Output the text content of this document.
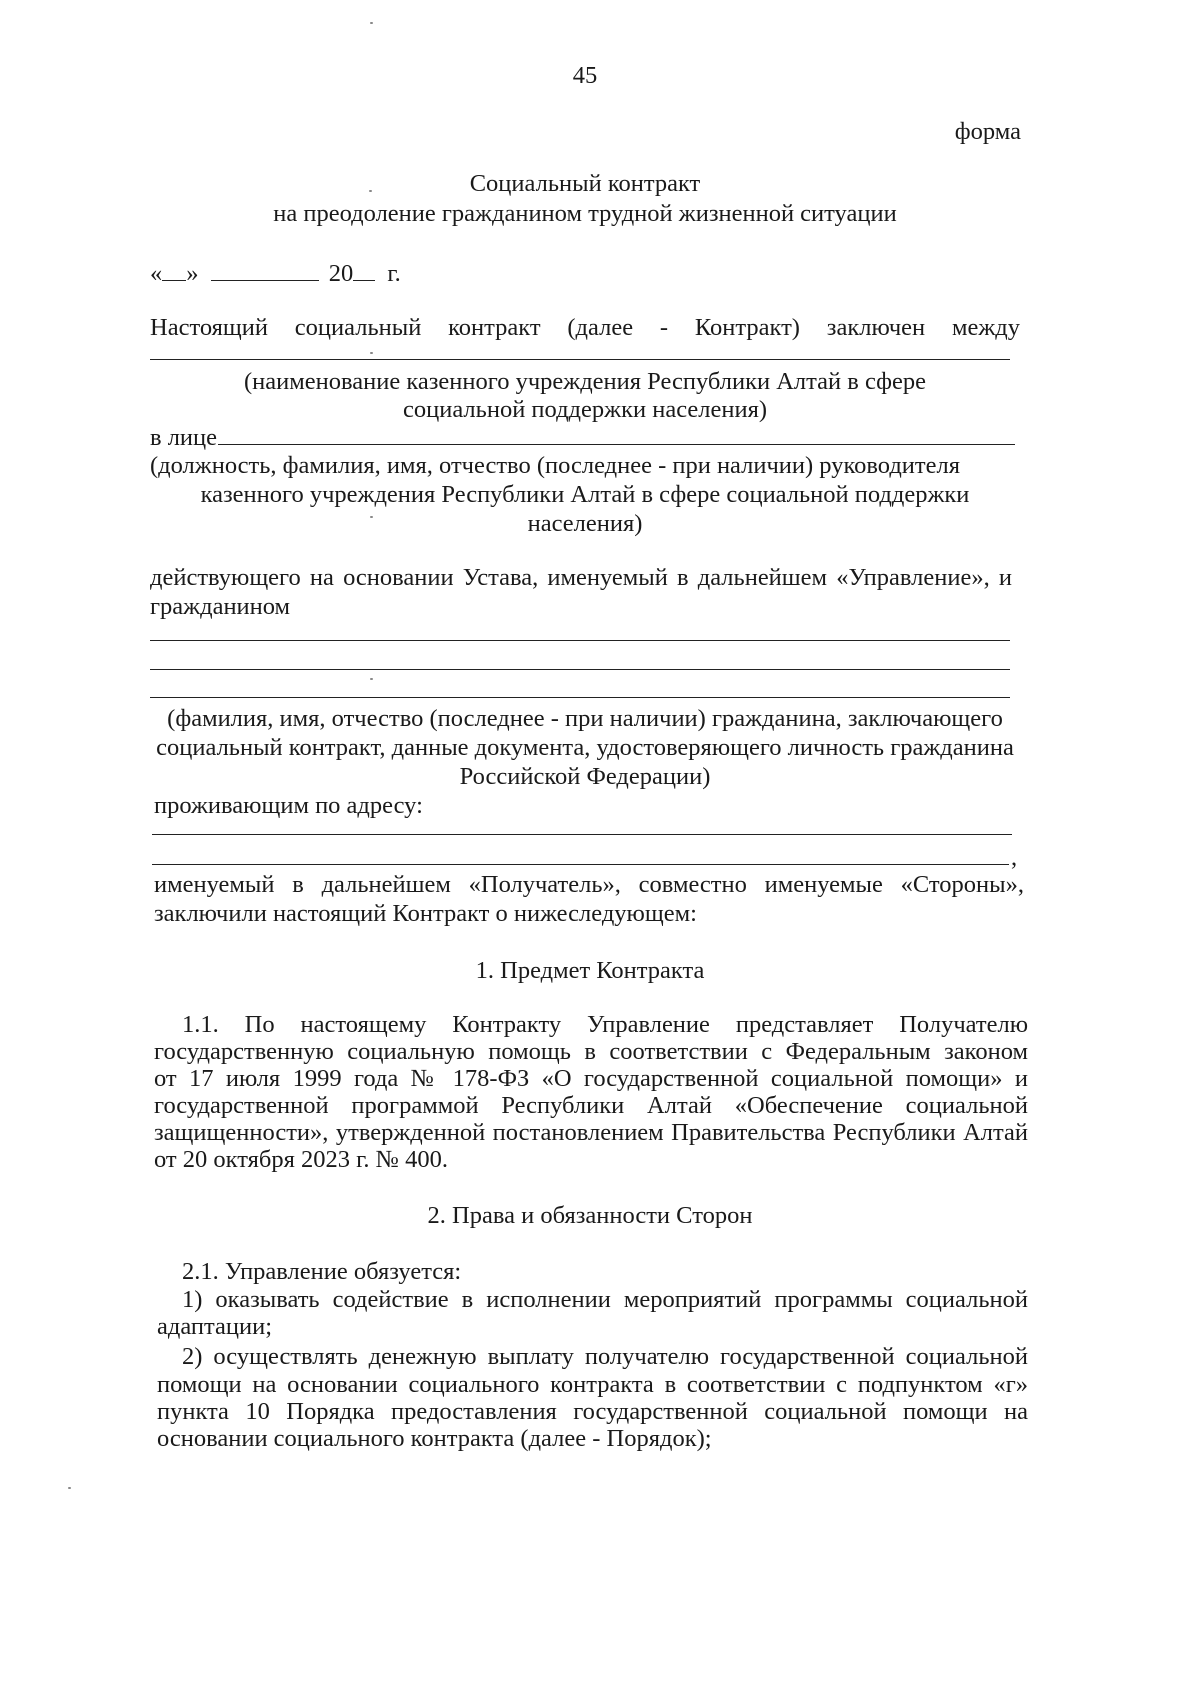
45
форма
Социальный контракт
на преодоление гражданином трудной жизненной ситуации
« »	20 г.
Настоящий социальный контракт (далее - Контракт) заключен между
(наименование казенного учреждения Республики Алтай в сфере
социальной поддержки населения)
в лице
(должность, фамилия, имя, отчество (последнее - при наличии) руководителя
казенного учреждения Республики Алтай в сфере социальной поддержки
населения)
действующего на основании Устава, именуемый в дальнейшем «Управление», и
гражданином
(фамилия, имя, отчество (последнее - при наличии) гражданина, заключающего
социальный контракт, данные документа, удостоверяющего личность гражданина
Российской Федерации)
проживающим по адресу:
,
именуемый в дальнейшем «Получатель», совместно именуемые «Стороны»,
заключили настоящий Контракт о нижеследующем:
1. Предмет Контракта
1.1. По настоящему Контракту Управление представляет Получателю
государственную социальную помощь в соответствии с Федеральным законом
от 17 июля 1999 года № 178-ФЗ «О государственной социальной помощи» и
государственной программой Республики Алтай «Обеспечение социальной
защищенности», утвержденной постановлением Правительства Республики Алтай
от 20 октября 2023 г. № 400.
2. Права и обязанности Сторон
2.1. Управление обязуется:
1) оказывать содействие в исполнении мероприятий программы социальной
адаптации;
2) осуществлять денежную выплату получателю государственной социальной
помощи на основании социального контракта в соответствии с подпунктом «г»
пункта 10 Порядка предоставления государственной социальной помощи на
основании социального контракта (далее - Порядок);
